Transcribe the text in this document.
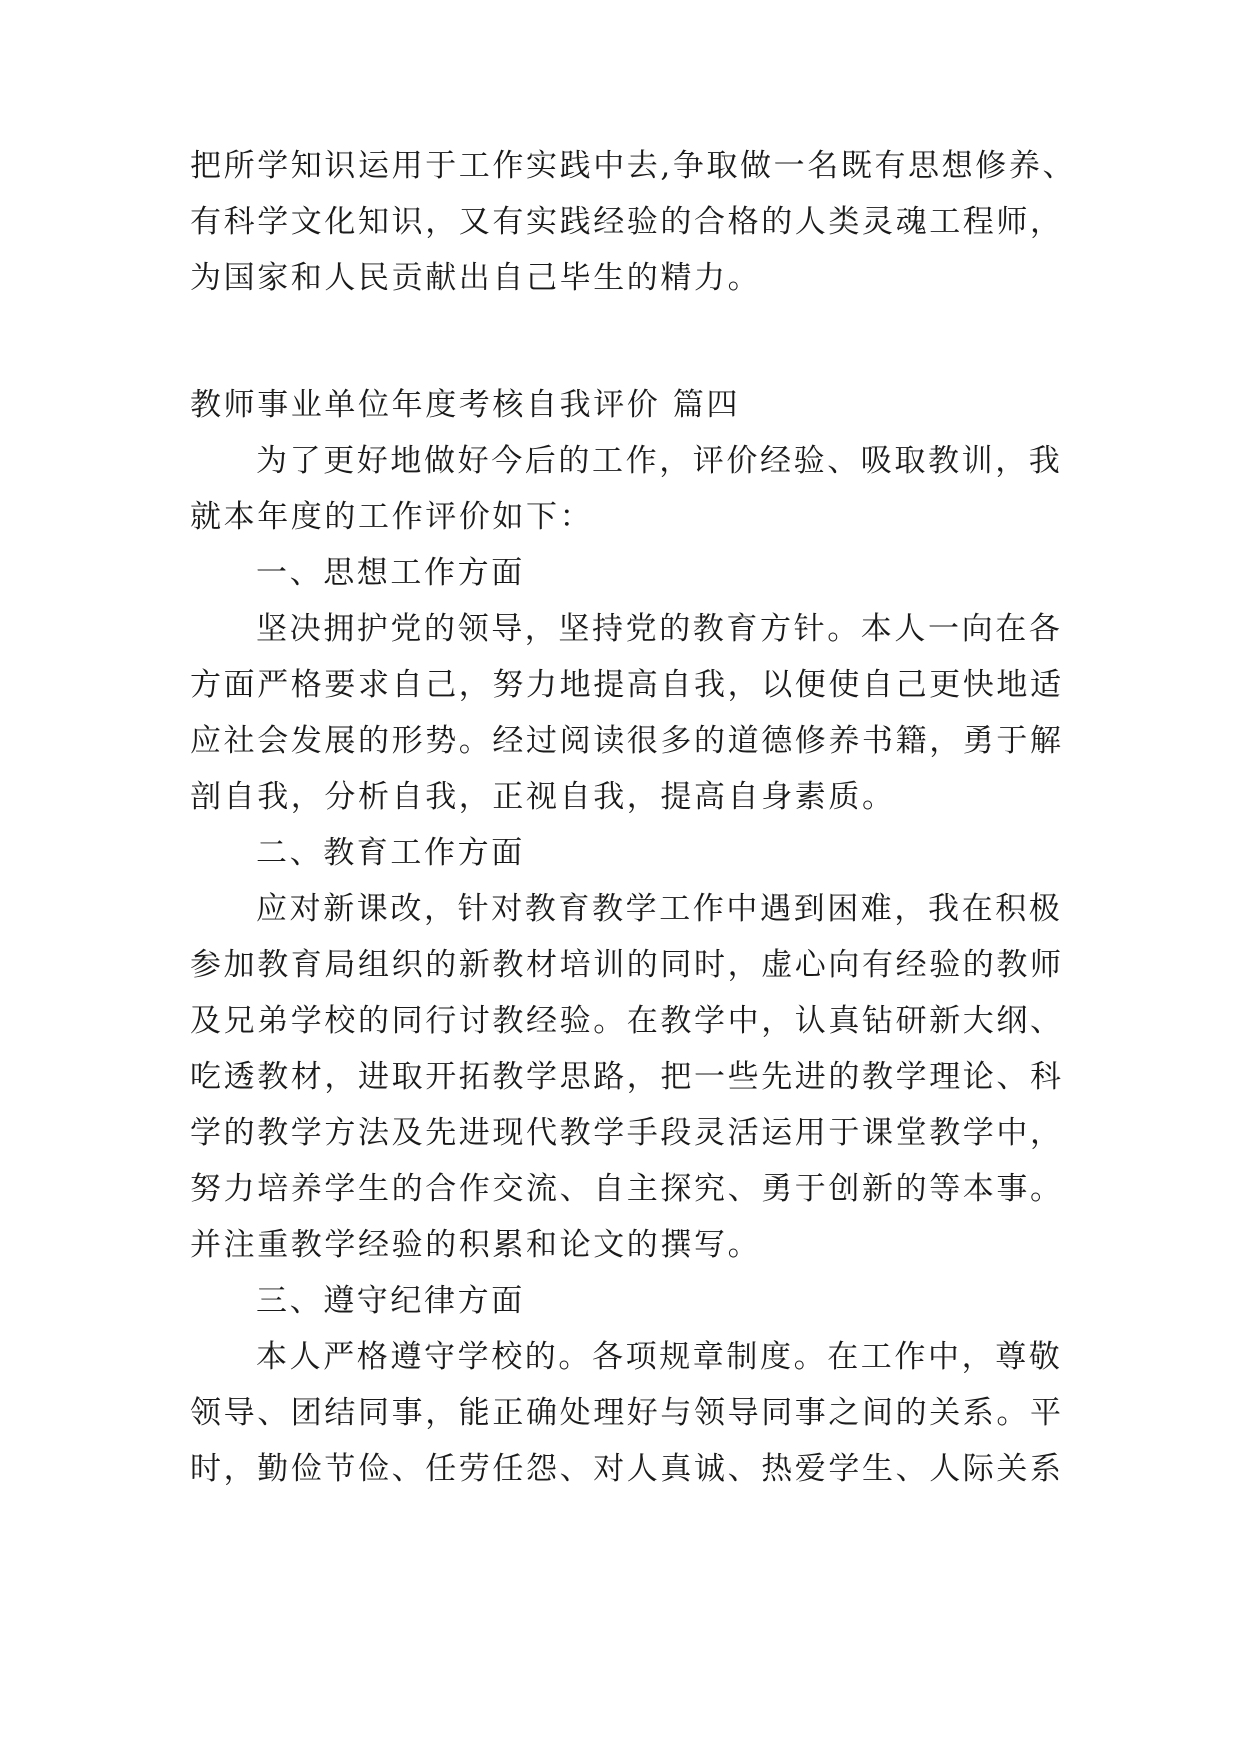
把所学知识运用于工作实践中去,争取做一名既有思想修养、
有科学文化知识，又有实践经验的合格的人类灵魂工程师，
为国家和人民贡献出自己毕生的精力。
教师事业单位年度考核自我评价 篇四
为了更好地做好今后的工作，评价经验、吸取教训，我
就本年度的工作评价如下：
一、思想工作方面
坚决拥护党的领导，坚持党的教育方针。本人一向在各
方面严格要求自己，努力地提高自我，以便使自己更快地适
应社会发展的形势。经过阅读很多的道德修养书籍，勇于解
剖自我，分析自我，正视自我，提高自身素质。
二、教育工作方面
应对新课改，针对教育教学工作中遇到困难，我在积极
参加教育局组织的新教材培训的同时，虚心向有经验的教师
及兄弟学校的同行讨教经验。在教学中，认真钻研新大纲、
吃透教材，进取开拓教学思路，把一些先进的教学理论、科
学的教学方法及先进现代教学手段灵活运用于课堂教学中，
努力培养学生的合作交流、自主探究、勇于创新的等本事。
并注重教学经验的积累和论文的撰写。
三、遵守纪律方面
本人严格遵守学校的。各项规章制度。在工作中，尊敬
领导、团结同事，能正确处理好与领导同事之间的关系。平
时，勤俭节俭、任劳任怨、对人真诚、热爱学生、人际关系
